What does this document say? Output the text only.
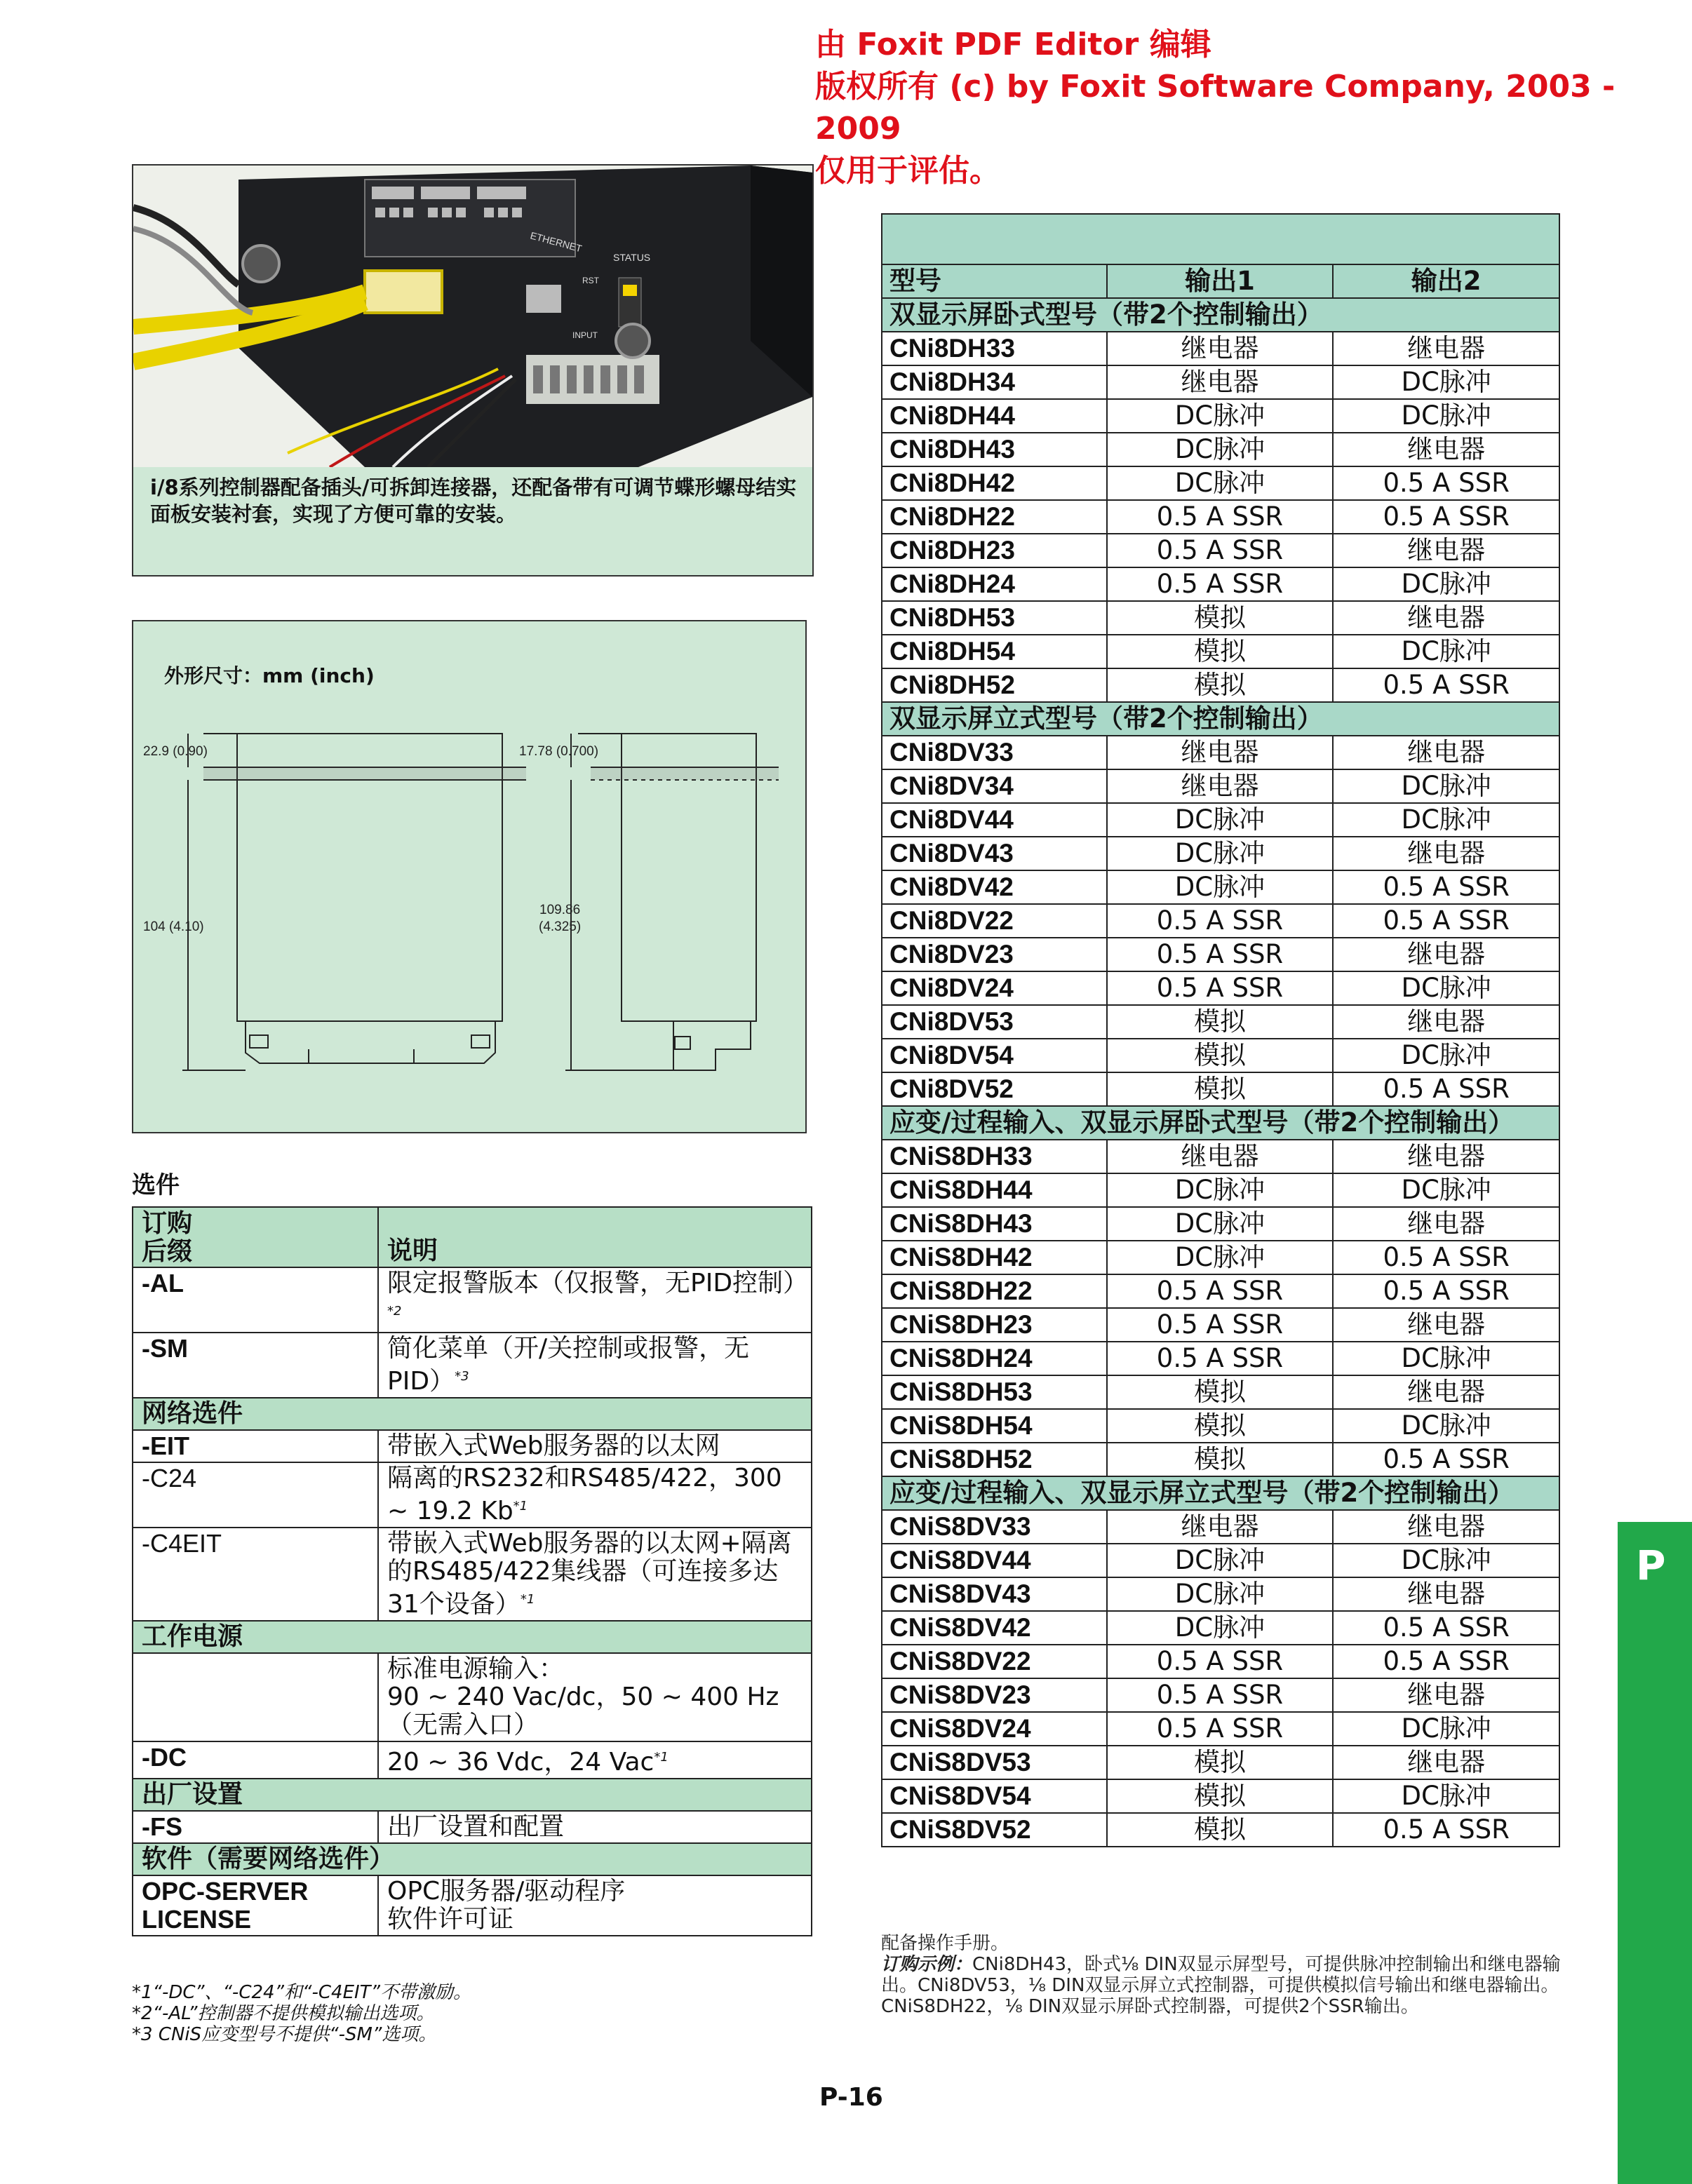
由 Foxit PDF Editor 编辑
版权所有 (c) by Foxit Software Company, 2003 - 2009
仅用于评估。
ETHERNET
STATUS
RST
INPUT
i/8系列控制器配备插头/可拆卸连接器，还配备带有可调节蝶形螺母结实面板安装衬套，实现了方便可靠的安装。
外形尺寸：mm (inch)
22.9 (0.90)	17.78 (0.700)
104 (4.10)
109.86
(4.325)
选件
订购
后缀	说明
-AL	限定报警版本（仅报警，无PID控制）$^{*2}$
-SM	简化菜单（开/关控制或报警，无PID）$^{*3}$
网络选件	
-EIT	带嵌入式Web服务器的以太网
-C24	隔离的RS232和RS485/422，300 ~ 19.2 Kb$^{*1}$
-C4EIT	带嵌入式Web服务器的以太网+隔离的RS485/422集线器（可连接多达31个设备）$^{*1}$
工作电源	
	标准电源输入：
90 ~ 240 Vac/dc，50 ~ 400 Hz（无需入口）
-DC	20 ~ 36 Vdc，24 Vac$^{*1}$
出厂设置	
-FS	出厂设置和配置
软件（需要网络选件）	
OPC-SERVER
LICENSE	OPC服务器/驱动程序
软件许可证
*1“-DC”、“-C24”和“-C4EIT”不带激励。
*2“-AL”控制器不提供模拟输出选项。
*3 CNiS应变型号不提供“-SM”选项。

型号	输出1	输出2
双显示屏卧式型号（带2个控制输出）		
CNi8DH33	继电器	继电器
CNi8DH34	继电器	DC脉冲
CNi8DH44	DC脉冲	DC脉冲
CNi8DH43	DC脉冲	继电器
CNi8DH42	DC脉冲	0.5 A SSR
CNi8DH22	0.5 A SSR	0.5 A SSR
CNi8DH23	0.5 A SSR	继电器
CNi8DH24	0.5 A SSR	DC脉冲
CNi8DH53	模拟	继电器
CNi8DH54	模拟	DC脉冲
CNi8DH52	模拟	0.5 A SSR
双显示屏立式型号（带2个控制输出）		
CNi8DV33	继电器	继电器
CNi8DV34	继电器	DC脉冲
CNi8DV44	DC脉冲	DC脉冲
CNi8DV43	DC脉冲	继电器
CNi8DV42	DC脉冲	0.5 A SSR
CNi8DV22	0.5 A SSR	0.5 A SSR
CNi8DV23	0.5 A SSR	继电器
CNi8DV24	0.5 A SSR	DC脉冲
CNi8DV53	模拟	继电器
CNi8DV54	模拟	DC脉冲
CNi8DV52	模拟	0.5 A SSR
应变/过程输入、双显示屏卧式型号（带2个控制输出）		
CNiS8DH33	继电器	继电器
CNiS8DH44	DC脉冲	DC脉冲
CNiS8DH43	DC脉冲	继电器
CNiS8DH42	DC脉冲	0.5 A SSR
CNiS8DH22	0.5 A SSR	0.5 A SSR
CNiS8DH23	0.5 A SSR	继电器
CNiS8DH24	0.5 A SSR	DC脉冲
CNiS8DH53	模拟	继电器
CNiS8DH54	模拟	DC脉冲
CNiS8DH52	模拟	0.5 A SSR
应变/过程输入、双显示屏立式型号（带2个控制输出）		
CNiS8DV33	继电器	继电器
CNiS8DV44	DC脉冲	DC脉冲
CNiS8DV43	DC脉冲	继电器
CNiS8DV42	DC脉冲	0.5 A SSR
CNiS8DV22	0.5 A SSR	0.5 A SSR
CNiS8DV23	0.5 A SSR	继电器
CNiS8DV24	0.5 A SSR	DC脉冲
CNiS8DV53	模拟	继电器
CNiS8DV54	模拟	DC脉冲
CNiS8DV52	模拟	0.5 A SSR
配备操作手册。
订购示例：CNi8DH43，卧式⅛ DIN双显示屏型号，可提供脉冲控制输出和继电器输出。CNi8DV53，⅛ DIN双显示屏立式控制器，可提供模拟信号输出和继电器输出。CNiS8DH22，⅛ DIN双显示屏卧式控制器，可提供2个SSR输出。
P-16
P
